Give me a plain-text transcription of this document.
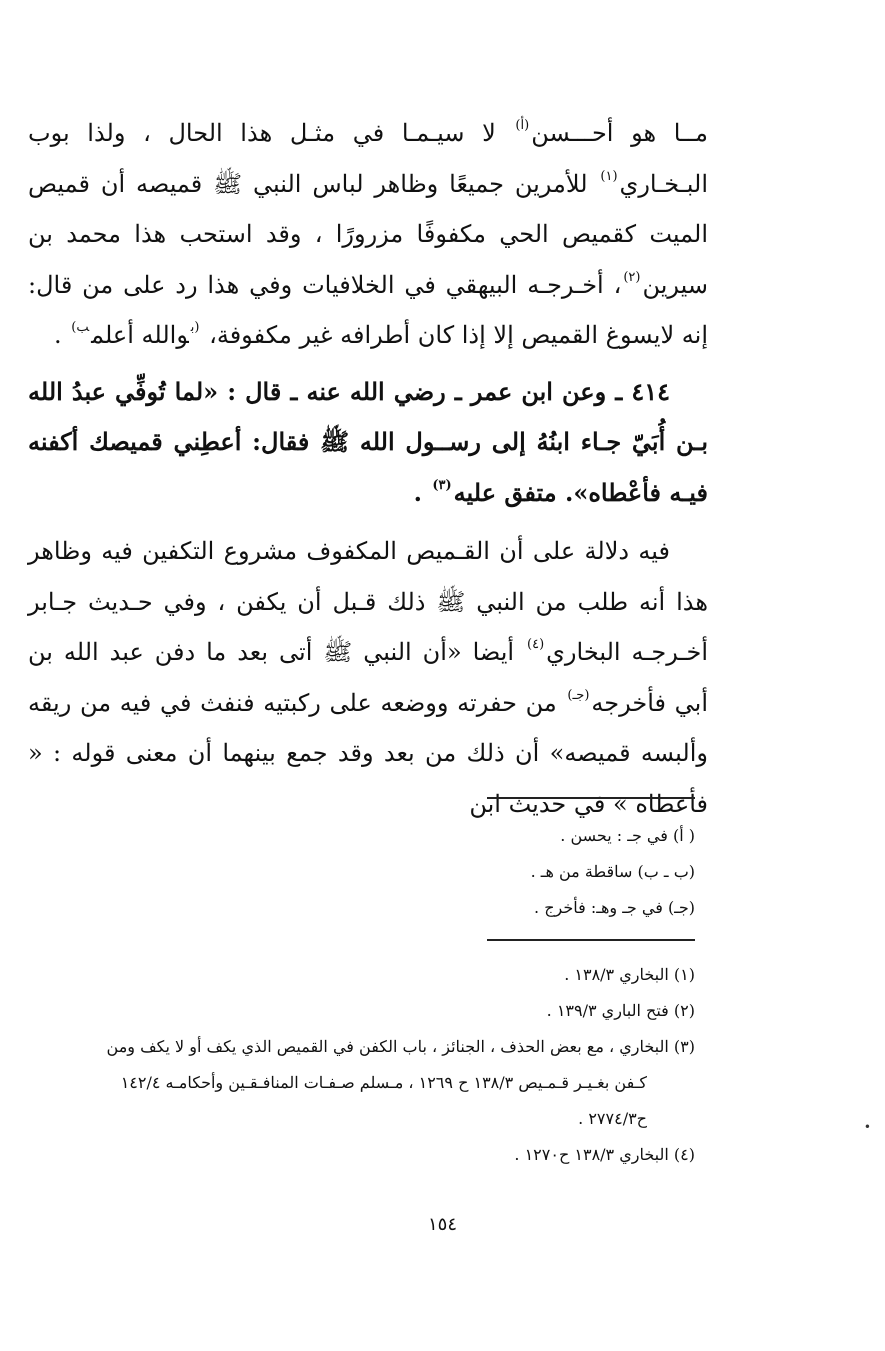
مــا هو أحـــسن$^{(أ)}$ لا سيـمـا في مثـل هذا الحال ، ولذا بوب البـخـاري$^{(١)}$ للأمرين جميعًا وظاهر لباس النبي ﷺ قميصه أن قميص الميت كقميص الحي مكفوفًا مزرورًا ، وقد استحب هذا محمد بن سيرين$^{(٢)}$، أخـرجـه البيهقي في الخلافيات وفي هذا رد على من قال: إنه لايسوغ القميص إلا إذا كان أطرافه غير مكفوفة، $^{(ب}$والله أعلم$^{ب)}$ .

٤١٤ ـ وعن ابن عمر ـ رضي الله عنه ـ قال : «لما تُوفِّي عبدُ الله بـن أُبَيّ جـاء ابنُهُ إلى رســول الله ﷺ فقال: أعطِني قميصك أكفنه فيـه فأعْطاه». متفق عليه$^{(٣)}$ .

فيه دلالة على أن القـميص المكفوف مشروع التكفين فيه وظاهر هذا أنه طلب من النبي ﷺ ذلك قـبل أن يكفن ، وفي حـديث جـابر أخـرجـه البخاري$^{(٤)}$ أيضا «أن النبي ﷺ أتى بعد ما دفن عبد الله بن أبي فأخرجه$^{(جـ)}$ من حفرته ووضعه على ركبتيه فنفث في فيه من ريقه وألبسه قميصه» أن ذلك من بعد وقد جمع بينهما أن معنى قوله : « فأعطاه » في حديث ابن

( أ) في جـ : يحسن .

(ب ـ ب) ساقطة من هـ .

(جـ) في جـ وهـ: فأخرج .

(١) البخاري ١٣٨/٣ .

(٢) فتح الباري ١٣٩/٣ .

(٣) البخاري ، مع بعض الحذف ، الجنائز ، باب الكفن في القميص الذي يكف أو لا يكف ومن

كـفن بغـيـر قـمـيص ١٣٨/٣ ح ١٢٦٩ ، مـسلم صـفـات المنافـقـين وأحكامـه ١٤٢/٤

ح٢٧٧٤/٣ .

(٤) البخاري ١٣٨/٣ ح١٢٧٠ .

١٥٤
•
